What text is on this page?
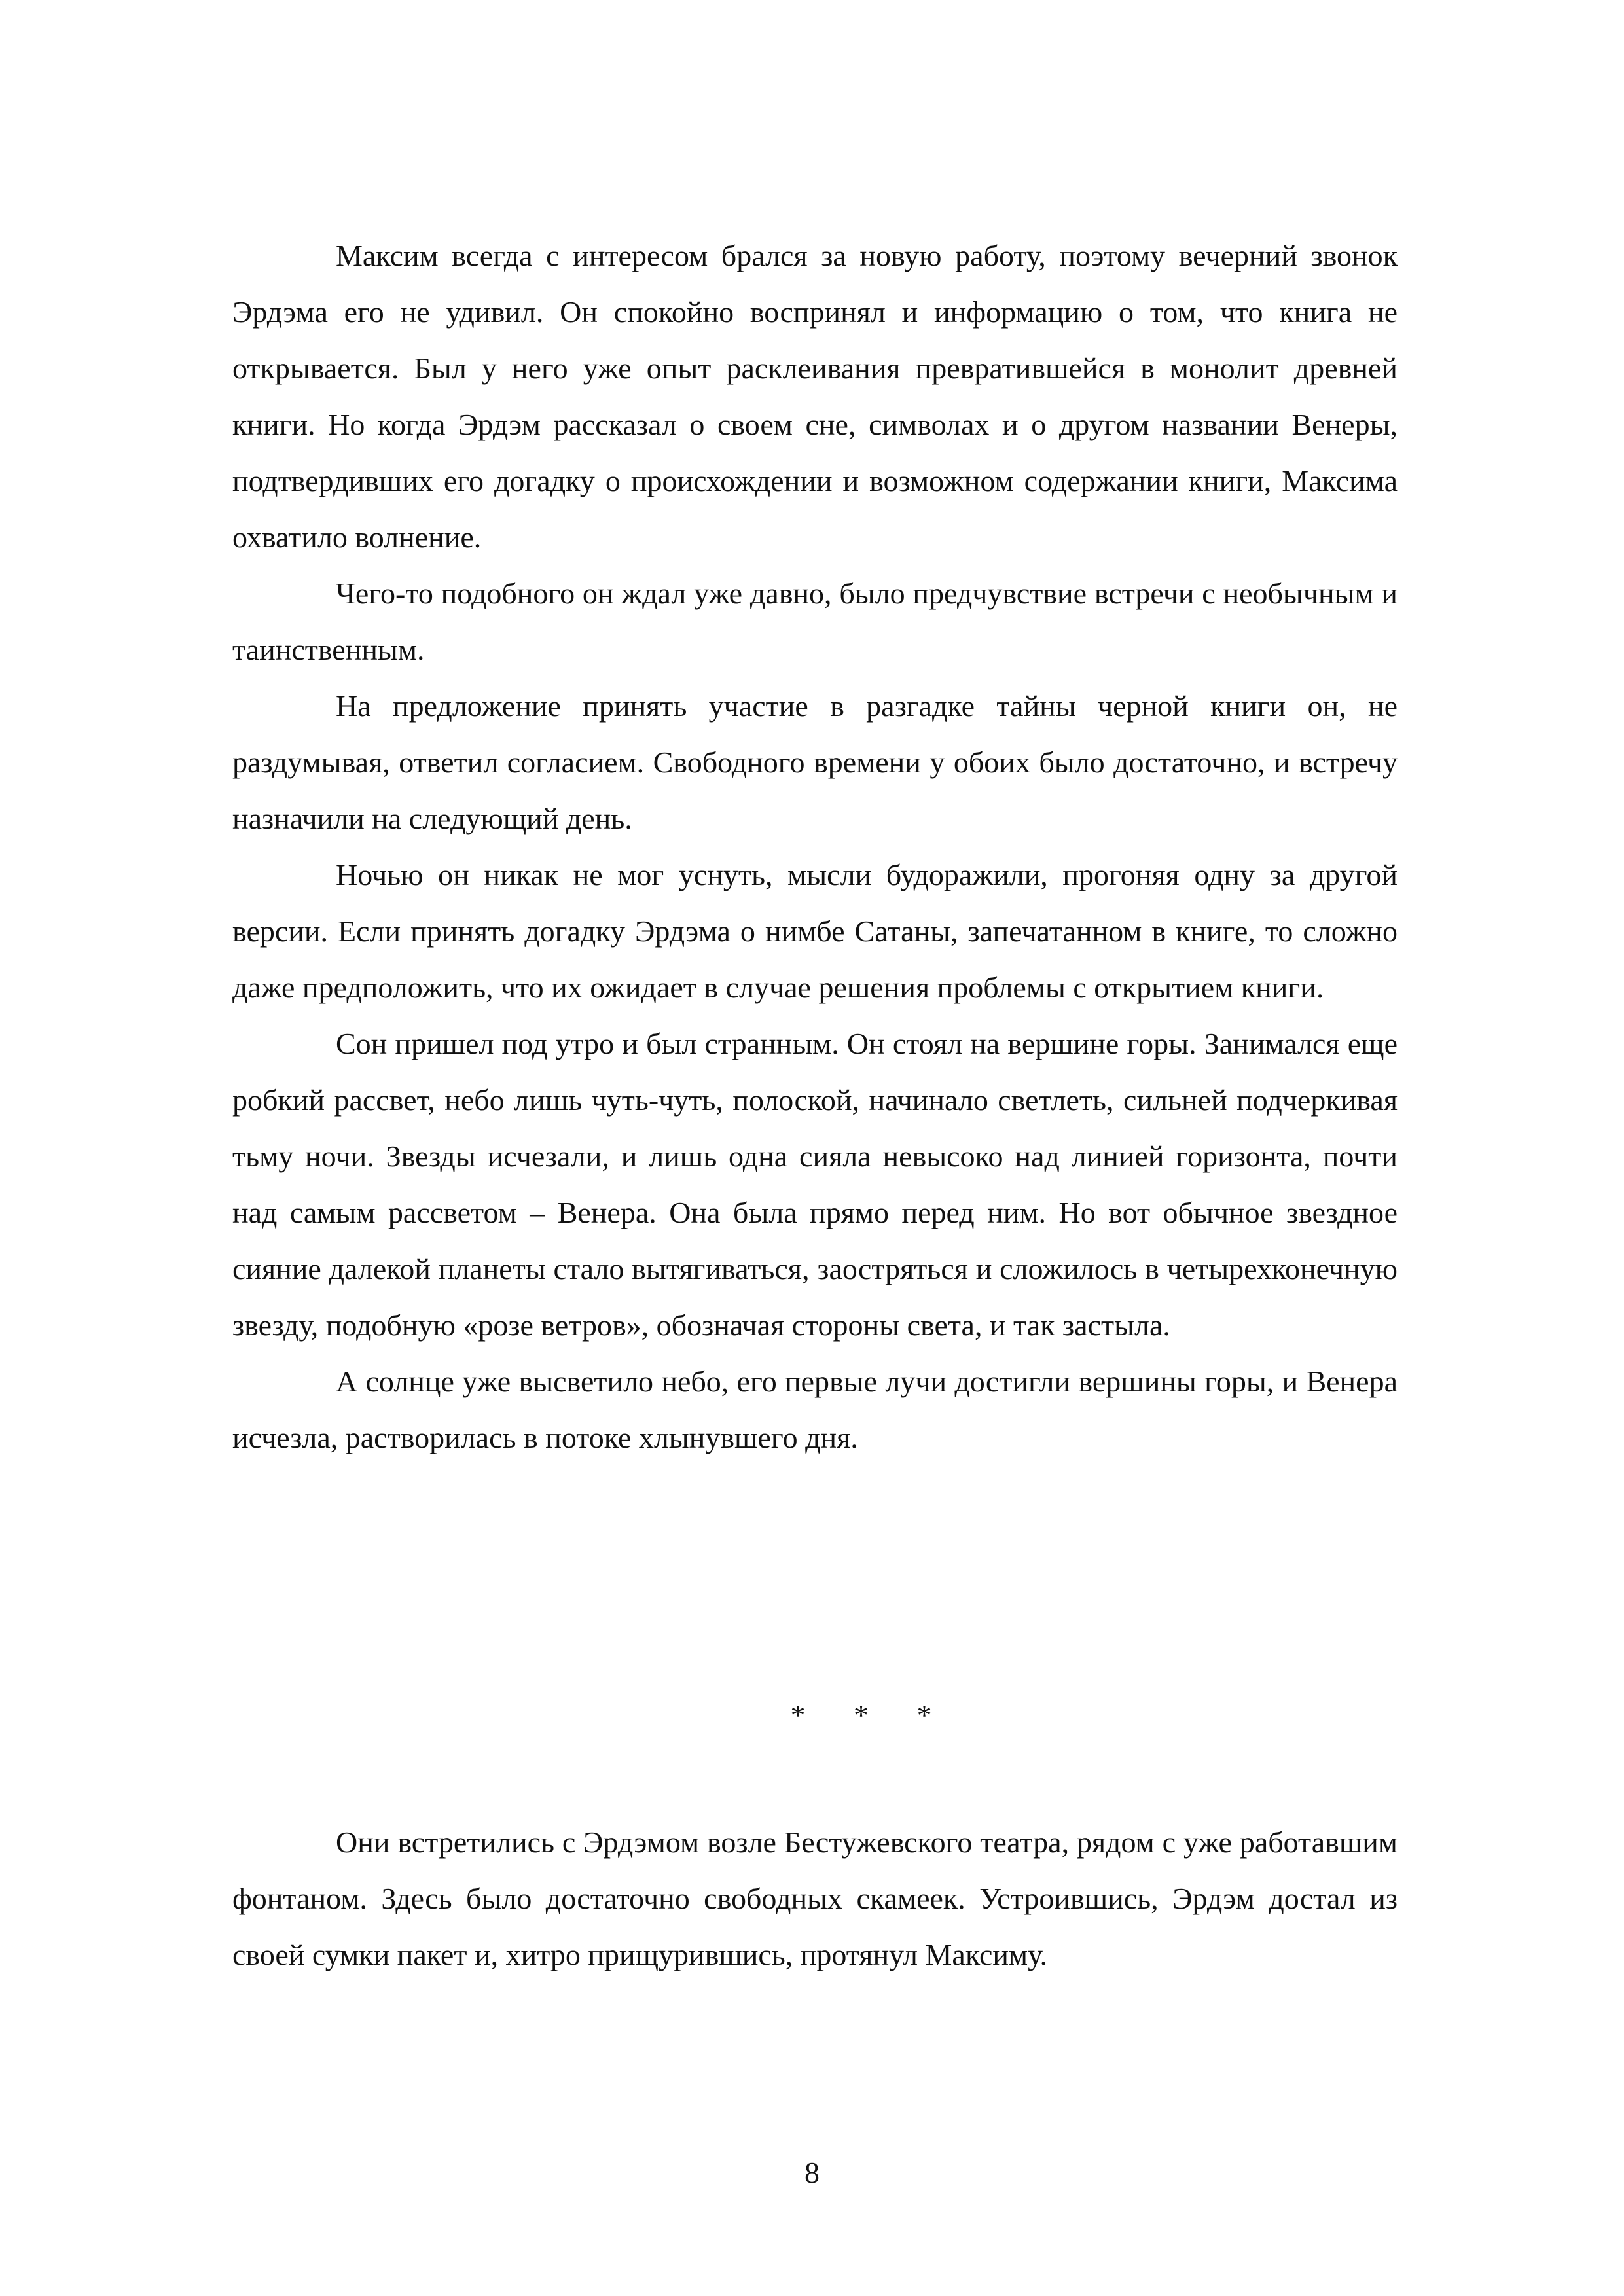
Максим всегда с интересом брался за новую работу, поэтому вечерний звонок Эрдэма его не удивил. Он спокойно воспринял и информацию о том, что книга не открывается. Был у него уже опыт расклеивания превратившейся в монолит древней книги. Но когда Эрдэм рассказал о своем сне, символах и о другом названии Венеры, подтвердивших его догадку о происхождении и возможном содержании книги, Максима охватило волнение.

Чего-то подобного он ждал уже давно, было предчувствие встречи с необычным и таинственным.

На предложение принять участие в разгадке тайны черной книги он, не раздумывая, ответил согласием. Свободного времени у обоих было достаточно, и встречу назначили на следующий день.

Ночью он никак не мог уснуть, мысли будоражили, прогоняя одну за другой версии. Если принять догадку Эрдэма о нимбе Сатаны, запечатанном в книге, то сложно даже предположить, что их ожидает в случае решения проблемы с открытием книги.

Сон пришел под утро и был странным. Он стоял на вершине горы. Занимался еще робкий рассвет, небо лишь чуть-чуть, полоской, начинало светлеть, сильней подчеркивая тьму ночи. Звезды исчезали, и лишь одна сияла невысоко над линией горизонта, почти над самым рассветом – Венера. Она была прямо перед ним. Но вот обычное звездное сияние далекой планеты стало вытягиваться, заостряться и сложилось в четырехконечную звезду, подобную «розе ветров», обозначая стороны света, и так застыла.

А солнце уже высветило небо, его первые лучи достигли вершины горы, и Венера исчезла, растворилась в потоке хлынувшего дня.

* * *

Они встретились с Эрдэмом возле Бестужевского театра, рядом с уже работавшим фонтаном. Здесь было достаточно свободных скамеек. Устроившись, Эрдэм достал из своей сумки пакет и, хитро прищурившись, протянул Максиму.

8
